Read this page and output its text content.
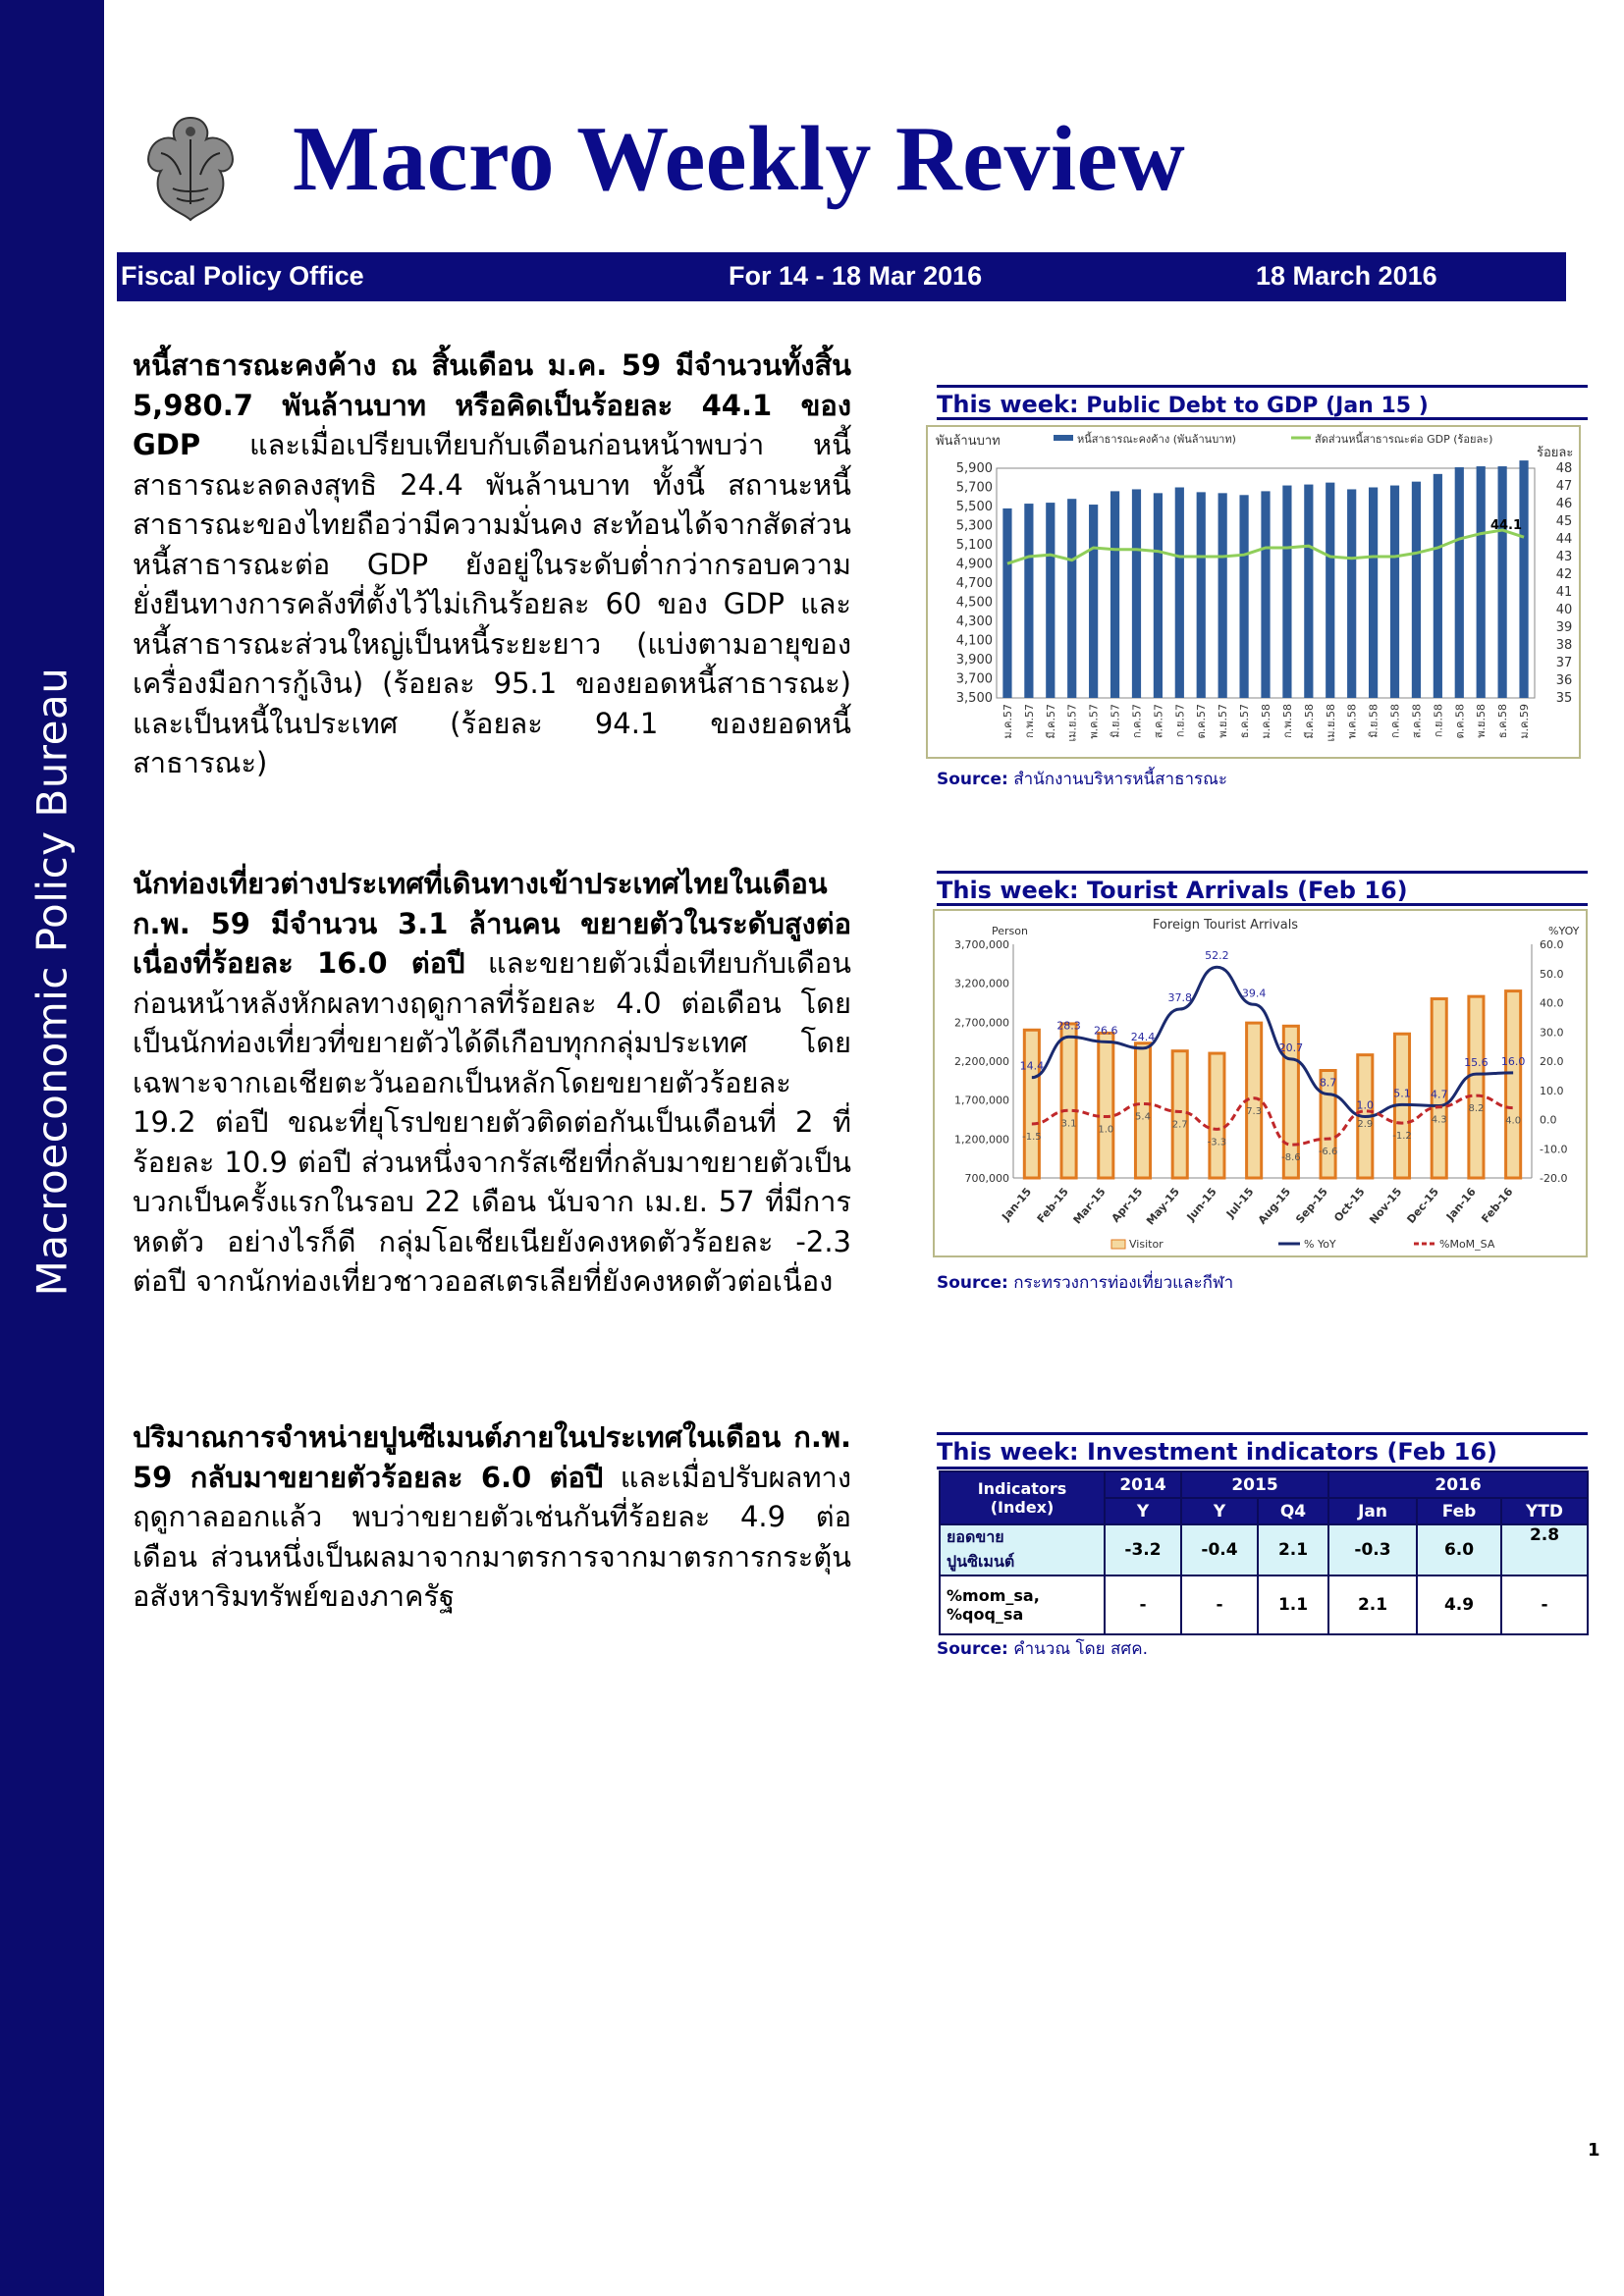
Macroeconomic Policy Bureau
Macro Weekly Review
Fiscal Policy Office	For 14 - 18 Mar 2016	18 March 2016
หนี้สาธารณะคงค้าง ณ สิ้นเดือน ม.ค. 59 มีจำนวนทั้งสิ้น 5,980.7 พันล้านบาท หรือคิดเป็นร้อยละ 44.1 ของ GDP และเมื่อเปรียบเทียบกับเดือนก่อนหน้าพบว่า หนี้สาธารณะลดลงสุทธิ 24.4 พันล้านบาท ทั้งนี้ สถานะหนี้สาธารณะของไทยถือว่ามีความมั่นคง สะท้อนได้จากสัดส่วนหนี้สาธารณะต่อ GDP ยังอยู่ในระดับต่ำกว่ากรอบความยั่งยืนทางการคลังที่ตั้งไว้ไม่เกินร้อยละ 60 ของ GDP และหนี้สาธารณะส่วนใหญ่เป็นหนี้ระยะยาว (แบ่งตามอายุของเครื่องมือการกู้เงิน) (ร้อยละ 95.1 ของยอดหนี้สาธารณะ) และเป็นหนี้ในประเทศ (ร้อยละ 94.1 ของยอดหนี้สาธารณะ)
นักท่องเที่ยวต่างประเทศที่เดินทางเข้าประเทศไทยในเดือน ก.พ. 59 มีจำนวน 3.1 ล้านคน ขยายตัวในระดับสูงต่อเนื่องที่ร้อยละ 16.0 ต่อปี และขยายตัวเมื่อเทียบกับเดือนก่อนหน้าหลังหักผลทางฤดูกาลที่ร้อยละ 4.0 ต่อเดือน โดยเป็นนักท่องเที่ยวที่ขยายตัวได้ดีเกือบทุกกลุ่มประเทศ โดยเฉพาะจากเอเชียตะวันออกเป็นหลักโดยขยายตัวร้อยละ 19.2 ต่อปี ขณะที่ยุโรปขยายตัวติดต่อกันเป็นเดือนที่ 2 ที่ร้อยละ 10.9 ต่อปี ส่วนหนึ่งจากรัสเซียที่กลับมาขยายตัวเป็นบวกเป็นครั้งแรกในรอบ 22 เดือน นับจาก เม.ย. 57 ที่มีการหดตัว อย่างไรก็ดี กลุ่มโอเชียเนียยังคงหดตัวร้อยละ -2.3 ต่อปี จากนักท่องเที่ยวชาวออสเตรเลียที่ยังคงหดตัวต่อเนื่อง
ปริมาณการจำหน่ายปูนซีเมนต์ภายในประเทศในเดือน ก.พ. 59 กลับมาขยายตัวร้อยละ 6.0 ต่อปี และเมื่อปรับผลทางฤดูกาลออกแล้ว พบว่าขยายตัวเช่นกันที่ร้อยละ 4.9 ต่อเดือน ส่วนหนึ่งเป็นผลมาจากมาตรการจากมาตรการกระตุ้นอสังหาริมทรัพย์ของภาครัฐ
This week: Public Debt to GDP (Jan 15 )
พันล้านบาท
ร้อยละ
หนี้สาธารณะคงค้าง (พันล้านบาท)	สัดส่วนหนี้สาธารณะต่อ GDP (ร้อยละ)
3,500
3,700
3,900
4,100
4,300
4,500
4,700
4,900
5,100
5,300
5,500
5,700
5,900
35
36
37
38
39
40
41
42
43
44
45
46
47
48
ม.ค.57 ก.พ.57 มี.ค.57 เม.ย.57 พ.ค.57 มิ.ย.57 ก.ค.57 ส.ค.57 ก.ย.57 ต.ค.57 พ.ย.57 ธ.ค.57 ม.ค.58 ก.พ.58 มี.ค.58 เม.ย.58 พ.ค.58 มิ.ย.58 ก.ค.58 ส.ค.58 ก.ย.58 ต.ค.58 พ.ย.58 ธ.ค.58 ม.ค.59
44.1
Source: สำนักงานบริหารหนี้สาธารณะ
This week: Tourist Arrivals (Feb 16)
Foreign Tourist Arrivals
Person	%YOY
Visitor	% YoY	%MoM_SA
700,000
1,200,000
1,700,000
2,200,000
2,700,000
3,200,000
3,700,000
-20.0
-10.0
0.0
10.0
20.0
30.0
40.0
50.0
60.0
Jan-15 Feb-15 Mar-15 Apr-15
May-15 Jun-15 Jul-15 Aug-15 Sep-15 Oct-15 Nov-15 Dec-15 Jan-16 Feb-16
14.4
28.3 26.6
24.4
37.8
52.2
39.4
20.7
8.7
1.0
5.1 4.7
15.6 16.0
-1.5
3.1
1.0
5.4
2.7
-3.3
7.3
-8.6
-6.6
2.9
-1.2
4.3
8.2
4.0
Source: กระทรวงการท่องเที่ยวและกีฬา
This week: Investment indicators (Feb 16)
Indicators
(Index)	2014	2015		2016		
	Y	Y	Q4	Jan	Feb	YTD
ยอดขาย
ปูนซิเมนต์	-3.2	-0.4	2.1	-0.3	6.0	2.8
%mom_sa,
%qoq_sa	-	-	1.1	2.1	4.9	-
Source: คำนวณ โดย สศค.
1
